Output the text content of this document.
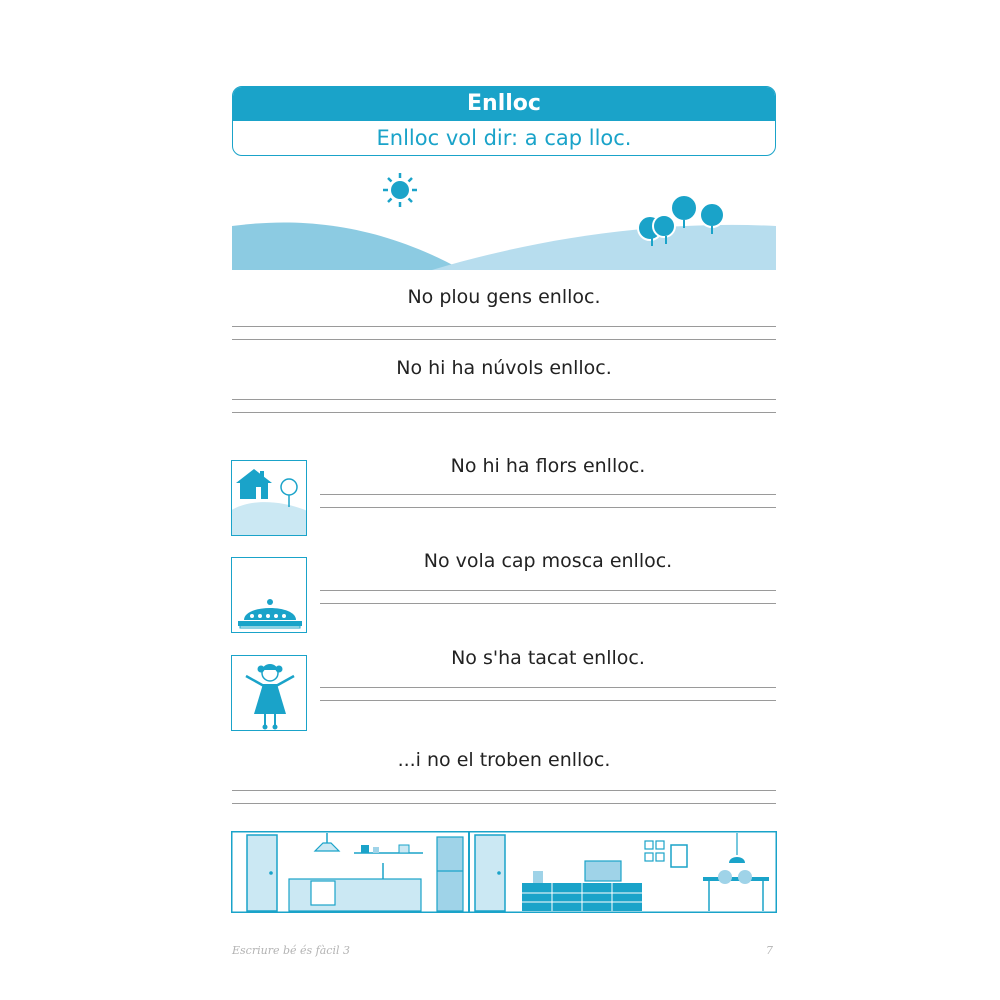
Enlloc
Enlloc vol dir: a cap lloc.
No plou gens enlloc.
No hi ha núvols enlloc.
No hi ha flors enlloc.
No vola cap mosca enlloc.
No s'ha tacat enlloc.
...i no el troben enlloc.
Escriure bé és fàcil 3	7
